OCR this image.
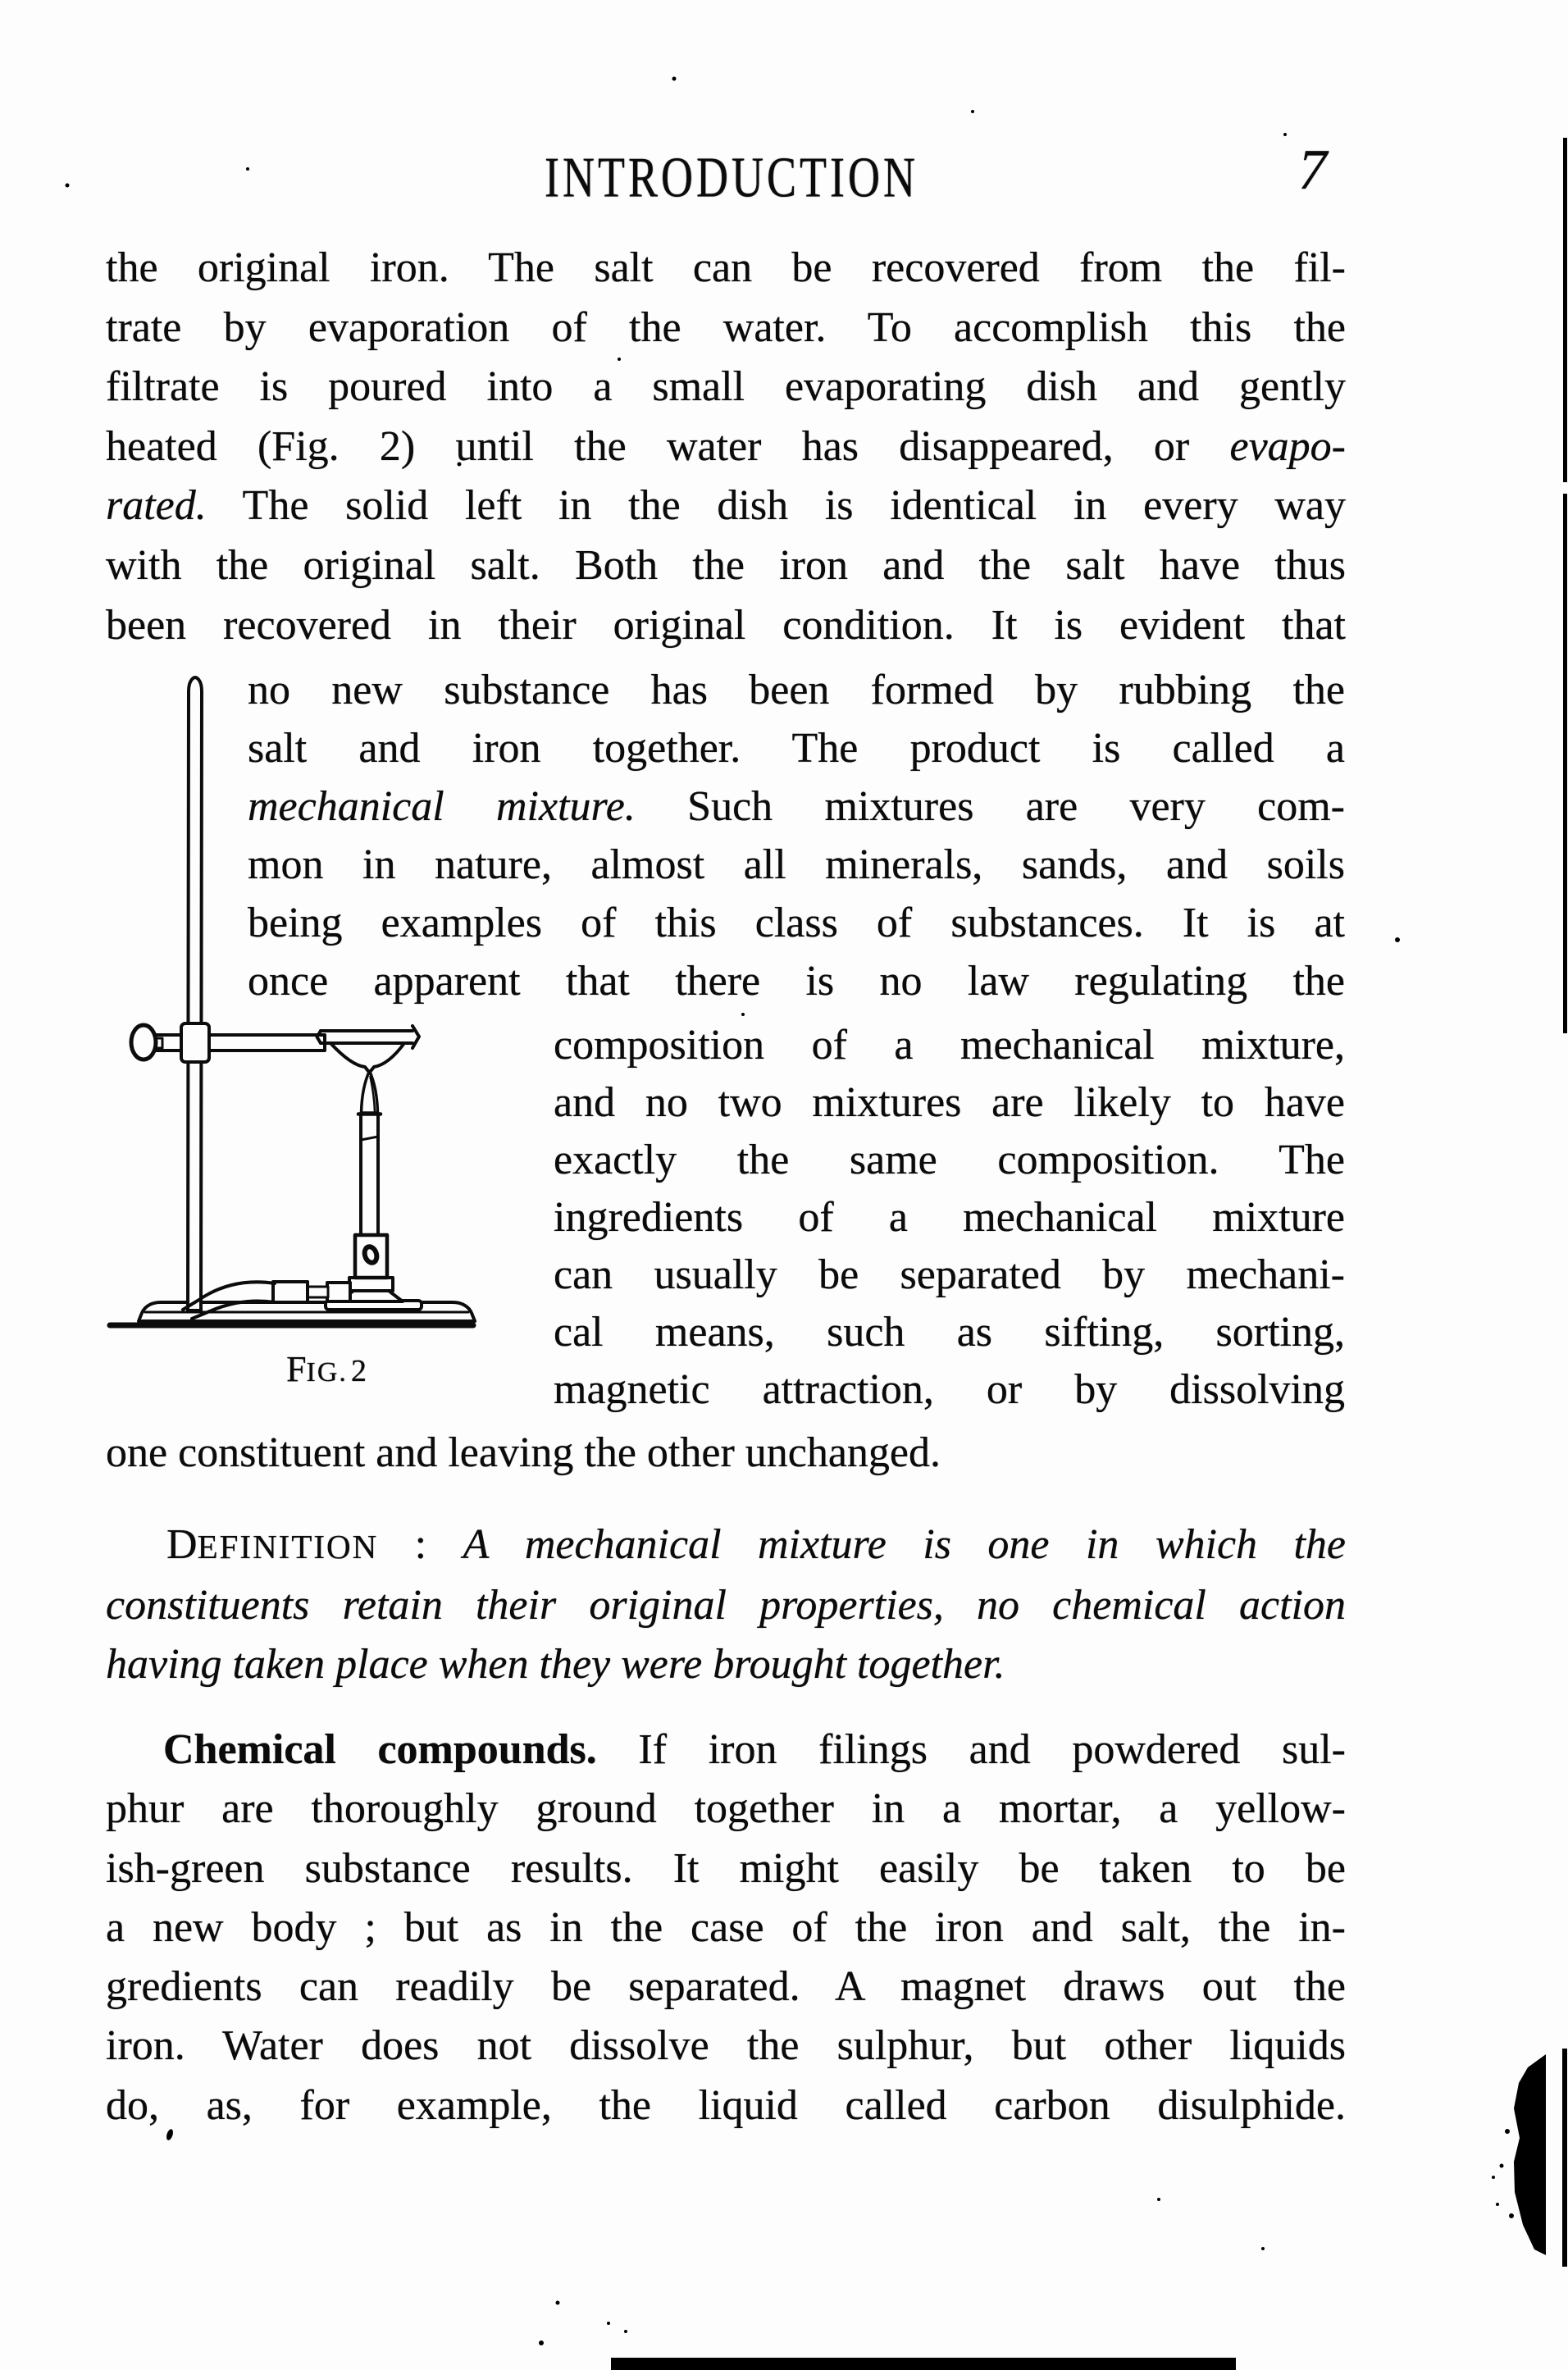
INTRODUCTION	7
the original iron. The salt can be recovered from the fil-
trate by evaporation of the water. To accomplish this the
filtrate is poured into a small evaporating dish and gently
heated (Fig. 2) until the water has disappeared, or evapo-
rated. The solid left in the dish is identical in every way
with the original salt. Both the iron and the salt have thus
been recovered in their original condition. It is evident that
no new substance has been formed by rubbing the
salt and iron together. The product is called a
mechanical mixture. Such mixtures are very com-
mon in nature, almost all minerals, sands, and soils
being examples of this class of substances. It is at
once apparent that there is no law regulating the
composition of a mechanical mixture,
and no two mixtures are likely to have
exactly the same composition. The
ingredients of a mechanical mixture
can usually be separated by mechani-
cal means, such as sifting, sorting,
magnetic attraction, or by dissolving
one constituent and leaving the other unchanged.
FIG. 2
DEFINITION : A mechanical mixture is one in which the
constituents retain their original properties, no chemical action
having taken place when they were brought together.
Chemical compounds. If iron filings and powdered sul-
phur are thoroughly ground together in a mortar, a yellow-
ish-green substance results. It might easily be taken to be
a new body ; but as in the case of the iron and salt, the in-
gredients can readily be separated. A magnet draws out the
iron. Water does not dissolve the sulphur, but other liquids
do, as, for example, the liquid called carbon disulphide.
